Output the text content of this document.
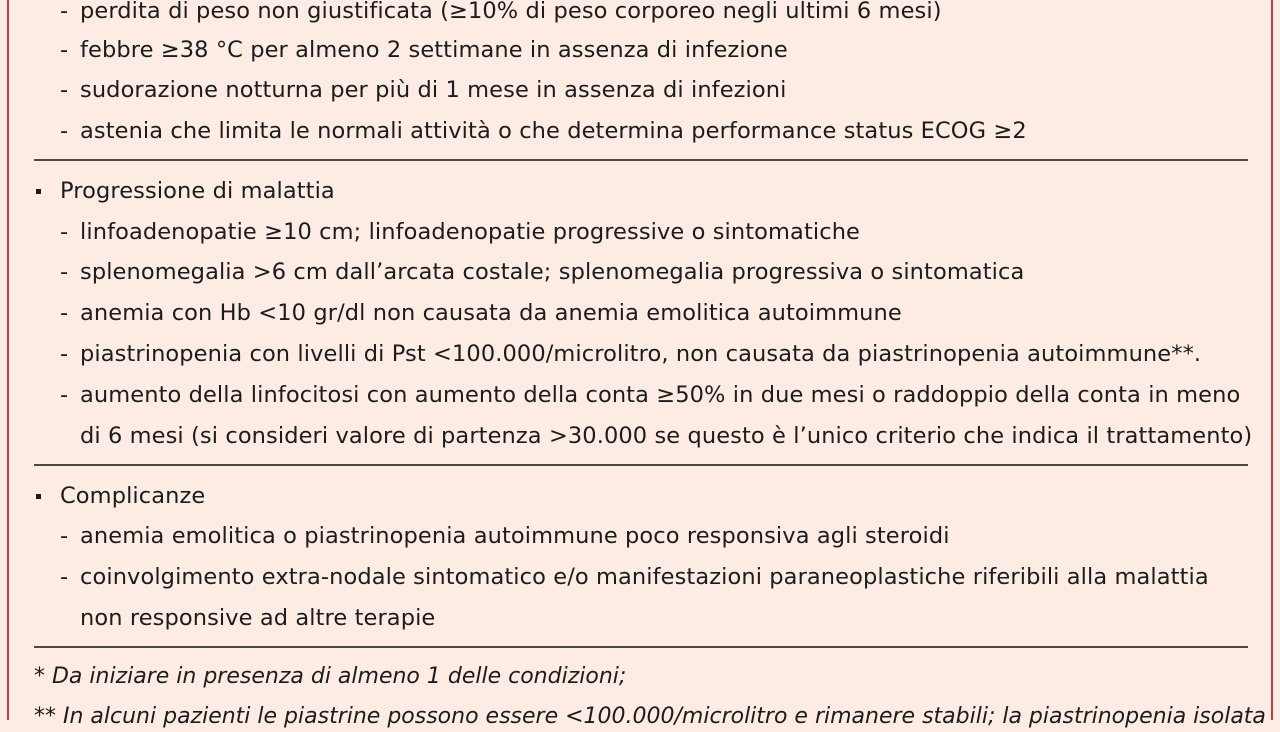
- perdita di peso non giustificata (≥10% di peso corporeo negli ultimi 6 mesi)
- febbre ≥38 °C per almeno 2 settimane in assenza di infezione
- sudorazione notturna per più di 1 mese in assenza di infezioni
- astenia che limita le normali attività o che determina performance status ECOG ≥2
Progressione di malattia
- linfoadenopatie ≥10 cm; linfoadenopatie progressive o sintomatiche
- splenomegalia >6 cm dall’arcata costale; splenomegalia progressiva o sintomatica
- anemia con Hb <10 gr/dl non causata da anemia emolitica autoimmune
- piastrinopenia con livelli di Pst <100.000/microlitro, non causata da piastrinopenia autoimmune**.
- aumento della linfocitosi con aumento della conta ≥50% in due mesi o raddoppio della conta in meno
di 6 mesi (si consideri valore di partenza >30.000 se questo è l’unico criterio che indica il trattamento)
Complicanze
- anemia emolitica o piastrinopenia autoimmune poco responsiva agli steroidi
- coinvolgimento extra-nodale sintomatico e/o manifestazioni paraneoplastiche riferibili alla malattia
non responsive ad altre terapie
* Da iniziare in presenza di almeno 1 delle condizioni;
** In alcuni pazienti le piastrine possono essere <100.000/microlitro e rimanere stabili; la piastrinopenia isolata
